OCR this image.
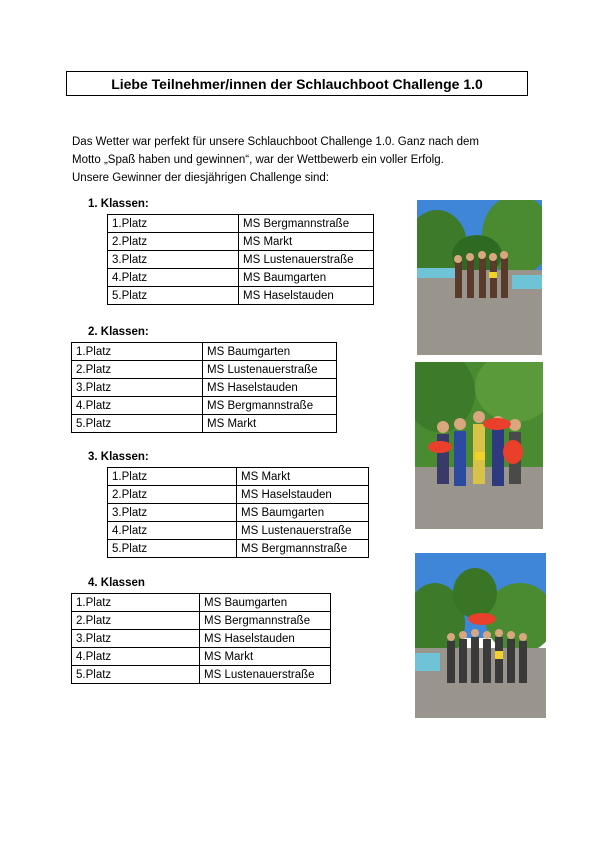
Liebe Teilnehmer/innen der Schlauchboot Challenge 1.0

Das Wetter war perfekt für unsere Schlauchboot Challenge 1.0. Ganz nach dem

Motto „Spaß haben und gewinnen“, war der Wettbewerb ein voller Erfolg.

Unsere Gewinner der diesjährigen Challenge sind:

1. Klassen:
1.Platz	MS Bergmannstraße
2.Platz	MS Markt
3.Platz	MS Lustenauerstraße
4.Platz	MS Baumgarten
5.Platz	MS Haselstauden
2. Klassen:
1.Platz	MS Baumgarten
2.Platz	MS Lustenauerstraße
3.Platz	MS Haselstauden
4.Platz	MS Bergmannstraße
5.Platz	MS Markt
3. Klassen:
1.Platz	MS Markt
2.Platz	MS Haselstauden
3.Platz	MS Baumgarten
4.Platz	MS Lustenauerstraße
5.Platz	MS Bergmannstraße
4. Klassen
1.Platz	MS Baumgarten
2.Platz	MS Bergmannstraße
3.Platz	MS Haselstauden
4.Platz	MS Markt
5.Platz	MS Lustenauerstraße
